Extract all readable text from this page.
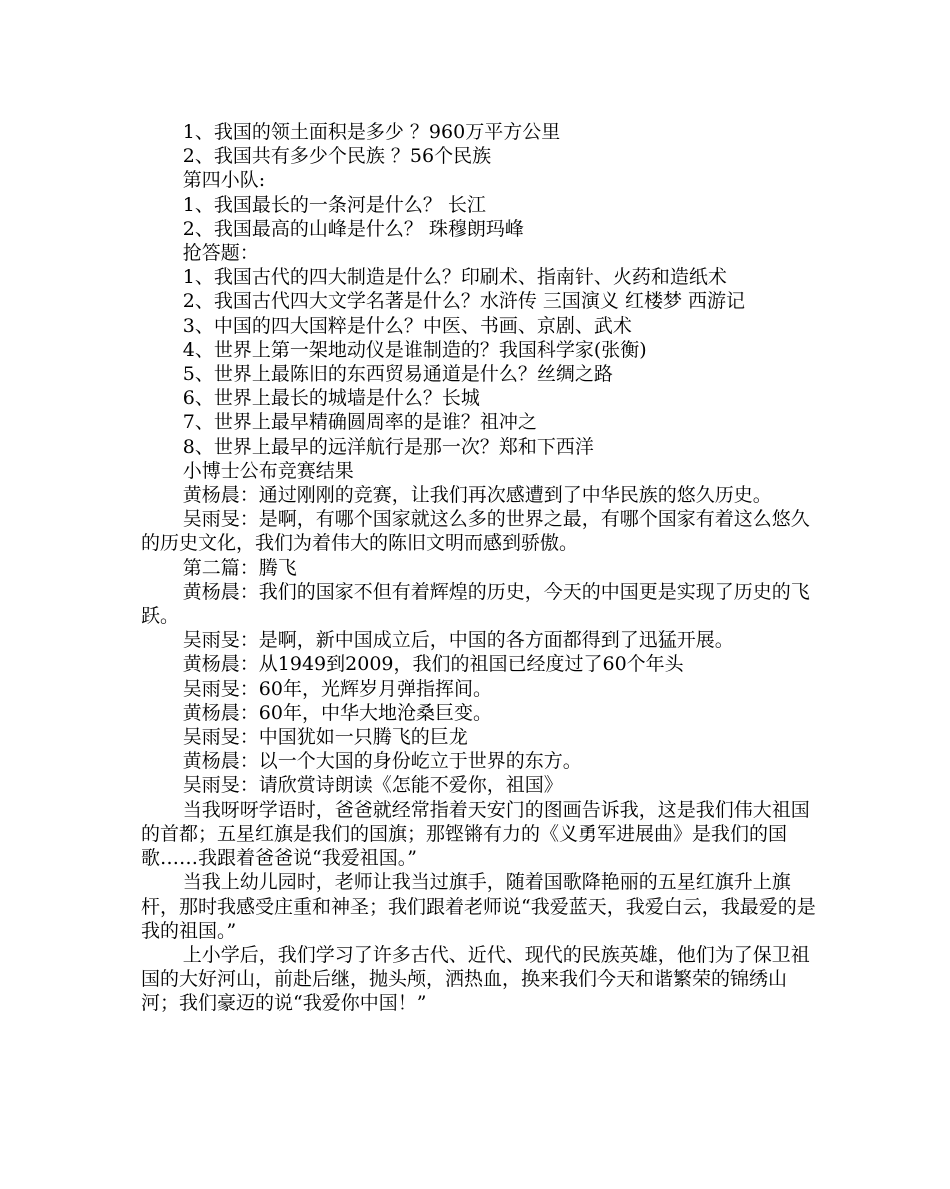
1、我国的领土面积是多少 ？960万平方公里

2、我国共有多少个民族 ？56个民族

第四小队:

1、我国最长的一条河是什么？ 长江

2、我国最高的山峰是什么？ 珠穆朗玛峰

抢答题：

1、我国古代的四大制造是什么？印刷术、指南针、火药和造纸术

2、我国古代四大文学名著是什么？水浒传 三国演义 红楼梦 西游记

3、中国的四大国粹是什么？中医、书画、京剧、武术

4、世界上第一架地动仪是谁制造的？我国科学家(张衡)

5、世界上最陈旧的东西贸易通道是什么？丝绸之路

6、世界上最长的城墙是什么？长城

7、世界上最早精确圆周率的是谁？祖冲之

8、世界上最早的远洋航行是那一次？郑和下西洋

小博士公布竞赛结果

黄杨晨：通过刚刚的竞赛，让我们再次感遭到了中华民族的悠久历史。

吴雨旻：是啊，有哪个国家就这么多的世界之最，有哪个国家有着这么悠久的历史文化，我们为着伟大的陈旧文明而感到骄傲。

第二篇：腾飞

黄杨晨：我们的国家不但有着辉煌的历史，今天的中国更是实现了历史的飞跃。

吴雨旻：是啊，新中国成立后，中国的各方面都得到了迅猛开展。

黄杨晨：从1949到2009，我们的祖国已经度过了60个年头

吴雨旻：60年，光辉岁月弹指挥间。

黄杨晨：60年，中华大地沧桑巨变。

吴雨旻：中国犹如一只腾飞的巨龙

黄杨晨：以一个大国的身份屹立于世界的东方。

吴雨旻：请欣赏诗朗读《怎能不爱你，祖国》

当我呀呀学语时，爸爸就经常指着天安门的图画告诉我，这是我们伟大祖国的首都；五星红旗是我们的国旗；那铿锵有力的《义勇军进展曲》是我们的国歌……我跟着爸爸说“我爱祖国。”

当我上幼儿园时，老师让我当过旗手，随着国歌降艳丽的五星红旗升上旗杆，那时我感受庄重和神圣；我们跟着老师说“我爱蓝天，我爱白云，我最爱的是我的祖国。”

上小学后，我们学习了许多古代、近代、现代的民族英雄，他们为了保卫祖国的大好河山，前赴后继，抛头颅，洒热血，换来我们今天和谐繁荣的锦绣山河；我们豪迈的说“我爱你中国！”
